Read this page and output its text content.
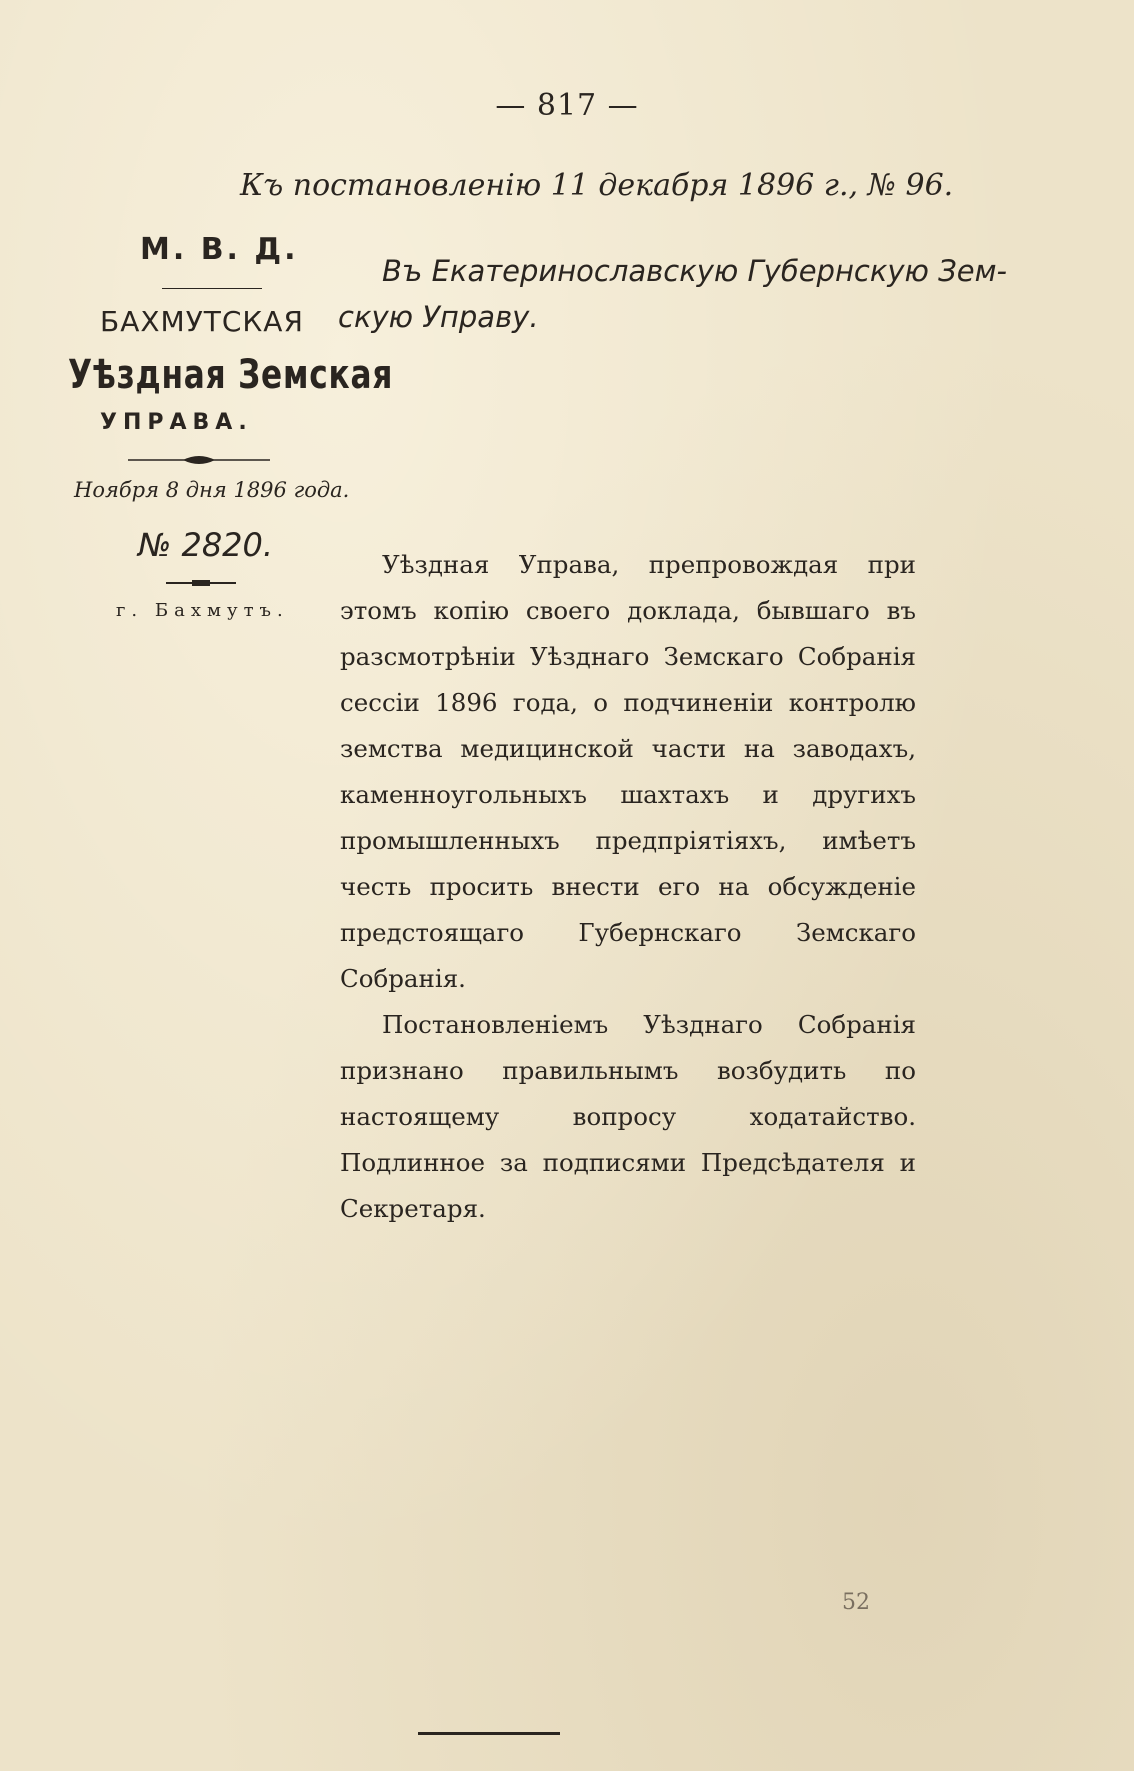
— 817 —
Къ постановленію 11 декабря 1896 г., № 96.
М. В. Д.
БАХМУТСКАЯ
Уѣздная Земская
УПРАВА.
Ноября 8 дня 1896 года.
№ 2820.
г. Бахмутъ.
Въ Екатеринославскую Губернскую Зем-
скую Управу.

Уѣздная Управа, препровождая при этомъ копію своего доклада, бывшаго въ разсмотрѣніи Уѣзднаго Земскаго Собранія сессіи 1896 года, о подчиненіи контролю земства медицинской части на заводахъ, каменноугольныхъ шахтахъ и другихъ промышленныхъ предпріятіяхъ, имѣетъ честь просить внести его на обсужденіе предстоящаго Губернскаго Земскаго Собранія.

Постановленіемъ Уѣзднаго Собранія признано правильнымъ возбудить по настоящему вопросу ходатайство. Подлинное за подписями Предсѣдателя и Секретаря.

52
